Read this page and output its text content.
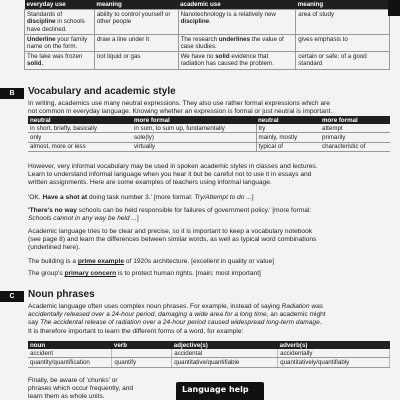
everyday use	meaning	academic use	meaning
Standards of discipline in schools have declined.	ability to control yourself or other people	Nanotechnology is a relatively new discipline.	area of study
Underline your family name on the form.	draw a line under it	The research underlines the value of case studies.	gives emphasis to
The lake was frozen solid.	not liquid or gas	We have no solid evidence that radiation has caused the problem.	certain or safe; of a good standard
B	Vocabulary and academic style
In writing, academics use many neutral expressions. They also use rather formal expressions which are
not common in everyday language. Knowing whether an expression is formal or just neutral is important.
neutral	more formal	neutral	more formal
in short, briefly, basically	in sum, to sum up, fundamentally	try	attempt
only	sole(ly)	mainly, mostly	primarily
almost, more or less	virtually	typical of	characteristic of
However, very informal vocabulary may be used in spoken academic styles in classes and lectures.
Learn to understand informal language when you hear it but be careful not to use it in essays and
written assignments. Here are some examples of teachers using informal language.
'OK. Have a shot at doing task number 3.' [more formal: Try/Attempt to do ...]
'There's no way schools can be held responsible for failures of government policy.' [more formal:
Schools cannot in any way be held ...]
Academic language tries to be clear and precise, so it is important to keep a vocabulary notebook
(see page 8) and learn the differences between similar words, as well as typical word combinations
(underlined here).
The building is a prime example of 1920s architecture. [excellent in quality or value]
The group's primary concern is to protect human rights. [main; most important]
C	Noun phrases
Academic language often uses complex noun phrases. For example, instead of saying Radiation was
accidentally released over a 24-hour period, damaging a wide area for a long time, an academic might
say The accidental release of radiation over a 24-hour period caused widespread long-term damage.
It is therefore important to learn the different forms of a word, for example:
noun	verb	adjective(s)	adverb(s)
accident		accidental	accidentally
quantity/quantification	quantify	quantitative/quantifiable	quantitatively/quantifiably
Finally, be aware of 'chunks' or
phrases which occur frequently, and
learn them as whole units.
Language help
